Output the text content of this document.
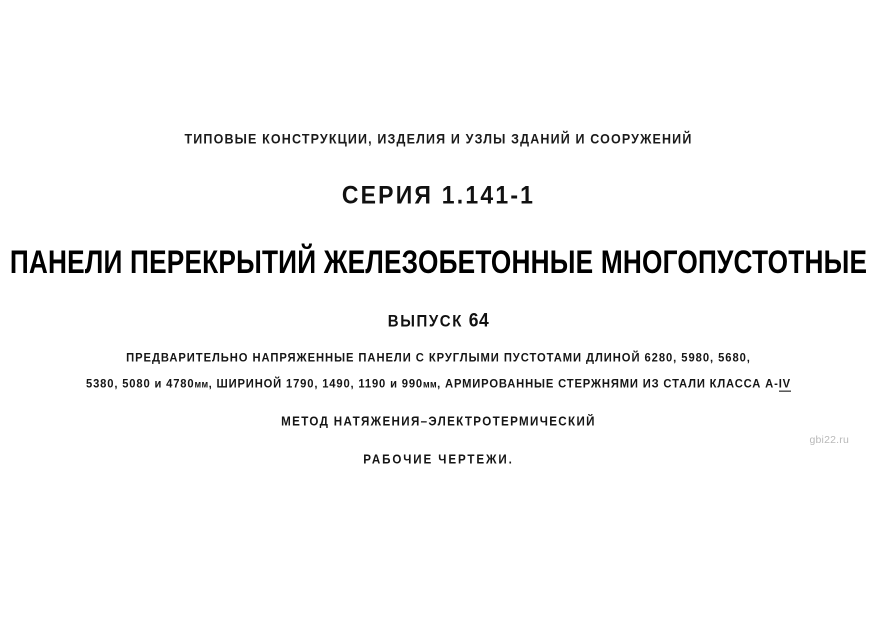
ТИПОВЫЕ КОНСТРУКЦИИ, ИЗДЕЛИЯ И УЗЛЫ ЗДАНИЙ И СООРУЖЕНИЙ
СЕРИЯ 1.141-1
ПАНЕЛИ ПЕРЕКРЫТИЙ ЖЕЛЕЗОБЕТОННЫЕ МНОГОПУСТОТНЫЕ
ВЫПУСК 64
ПРЕДВАРИТЕЛЬНО НАПРЯЖЕННЫЕ ПАНЕЛИ С КРУГЛЫМИ ПУСТОТАМИ ДЛИНОЙ 6280, 5980, 5680,
5380, 5080 и 4780мм, ШИРИНОЙ 1790, 1490, 1190 и 990мм, АРМИРОВАННЫЕ СТЕРЖНЯМИ ИЗ СТАЛИ КЛАССА А-IV
МЕТОД НАТЯЖЕНИЯ–ЭЛЕКТРОТЕРМИЧЕСКИЙ
РАБОЧИЕ ЧЕРТЕЖИ.
gbi22.ru
